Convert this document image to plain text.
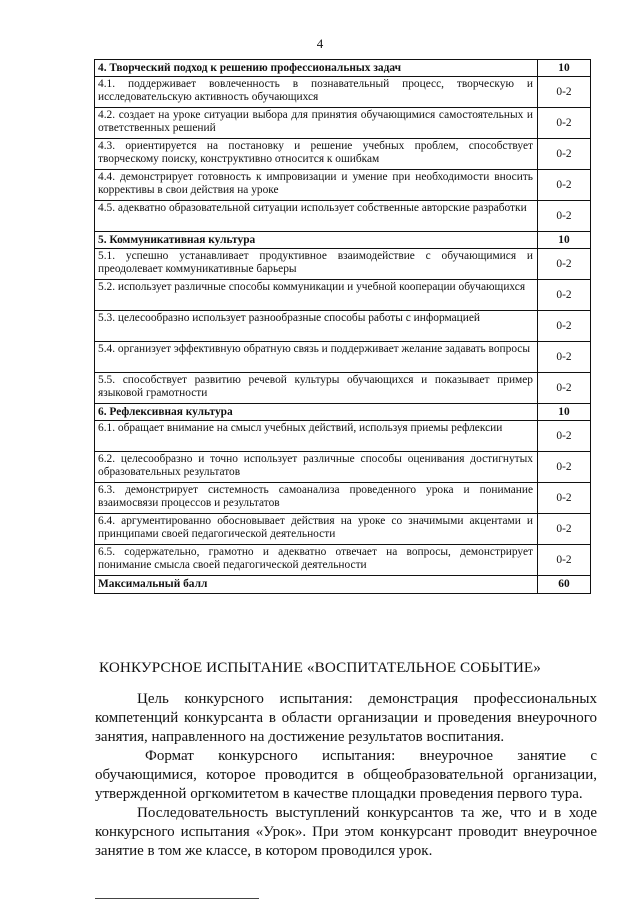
4
4. Творческий подход к решению профессиональных задач	10
4.1. поддерживает вовлеченность в познавательный процесс, творческую и исследовательскую активность обучающихся	0-2
4.2. создает на уроке ситуации выбора для принятия обучающимися самостоятельных и ответственных решений	0-2
4.3. ориентируется на постановку и решение учебных проблем, способствует творческому поиску, конструктивно относится к ошибкам	0-2
4.4. демонстрирует готовность к импровизации и умение при необходимости вносить коррективы в свои действия на уроке	0-2
4.5. адекватно образовательной ситуации использует собственные авторские разработки	0-2
5. Коммуникативная культура	10
5.1. успешно устанавливает продуктивное взаимодействие с обучающимися и преодолевает коммуникативные барьеры	0-2
5.2. использует различные способы коммуникации и учебной кооперации обучающихся	0-2
5.3. целесообразно использует разнообразные способы работы с информацией	0-2
5.4. организует эффективную обратную связь и поддерживает желание задавать вопросы	0-2
5.5. способствует развитию речевой культуры обучающихся и показывает пример языковой грамотности	0-2
6. Рефлексивная культура	10
6.1. обращает внимание на смысл учебных действий, используя приемы рефлексии	0-2
6.2. целесообразно и точно использует различные способы оценивания достигнутых образовательных результатов	0-2
6.3. демонстрирует системность самоанализа проведенного урока и понимание взаимосвязи процессов и результатов	0-2
6.4. аргументированно обосновывает действия на уроке со значимыми акцентами и принципами своей педагогической деятельности	0-2
6.5. содержательно, грамотно и адекватно отвечает на вопросы, демонстрирует понимание смысла своей педагогической деятельности	0-2
Максимальный балл	60
КОНКУРСНОЕ ИСПЫТАНИЕ «ВОСПИТАТЕЛЬНОЕ СОБЫТИЕ»

Цель конкурсного испытания: демонстрация профессиональных компетенций конкурсанта в области организации и проведения внеурочного занятия, направленного на достижение результатов воспитания.

Формат конкурсного испытания: внеурочное занятие с обучающимися, которое проводится в общеобразовательной организации, утвержденной оргкомитетом в качестве площадки проведения первого тура.

Последовательность выступлений конкурсантов та же, что и в ходе конкурсного испытания «Урок». При этом конкурсант проводит внеурочное занятие в том же классе, в котором проводился урок.
